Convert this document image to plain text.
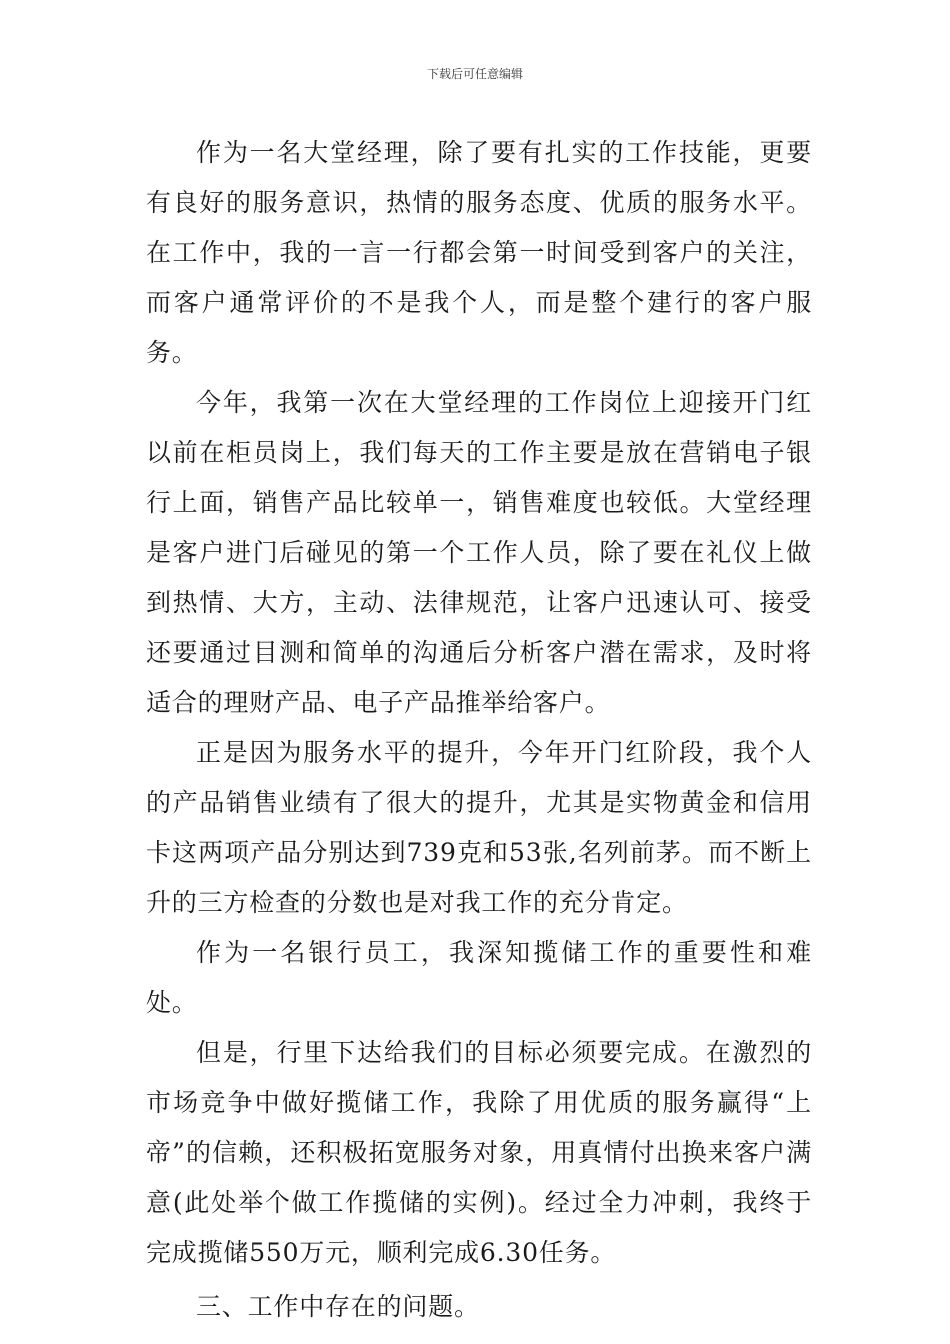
下载后可任意编辑

作为一名大堂经理，除了要有扎实的工作技能，更要有良好的服务意识，热情的服务态度、优质的服务水平。在工作中，我的一言一行都会第一时间受到客户的关注，而客户通常评价的不是我个人，而是整个建行的客户服务。

今年，我第一次在大堂经理的工作岗位上迎接开门红以前在柜员岗上，我们每天的工作主要是放在营销电子银行上面，销售产品比较单一，销售难度也较低。大堂经理是客户进门后碰见的第一个工作人员，除了要在礼仪上做到热情、大方，主动、法律规范，让客户迅速认可、接受还要通过目测和简单的沟通后分析客户潜在需求，及时将适合的理财产品、电子产品推举给客户。

正是因为服务水平的提升，今年开门红阶段，我个人的产品销售业绩有了很大的提升，尤其是实物黄金和信用卡这两项产品分别达到739克和53张,名列前茅。而不断上升的三方检查的分数也是对我工作的充分肯定。

作为一名银行员工，我深知揽储工作的重要性和难处。

但是，行里下达给我们的目标必须要完成。在激烈的市场竞争中做好揽储工作，我除了用优质的服务赢得“上帝”的信赖，还积极拓宽服务对象，用真情付出换来客户满意(此处举个做工作揽储的实例)。经过全力冲刺，我终于完成揽储550万元，顺利完成6.30任务。

三、工作中存在的问题。
